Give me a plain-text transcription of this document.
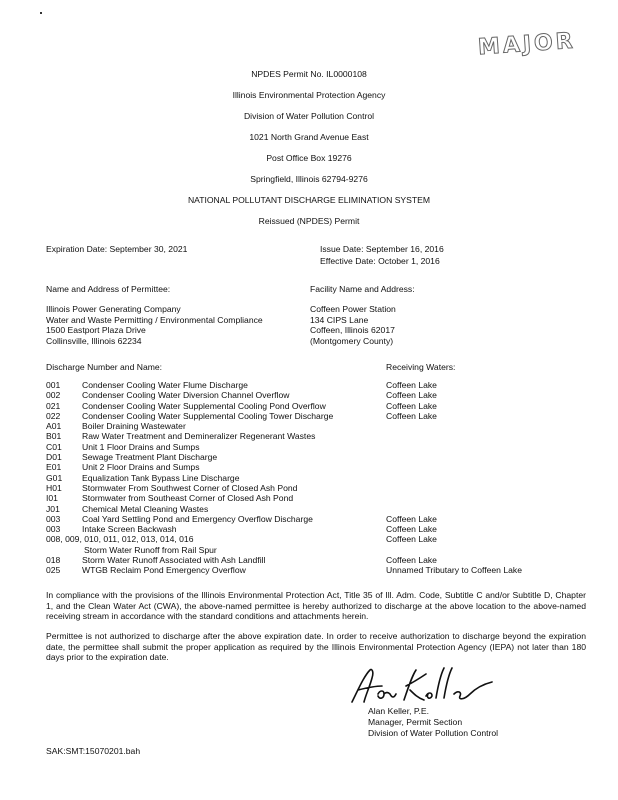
MAJOR
NPDES Permit No. IL0000108
Illinois Environmental Protection Agency
Division of Water Pollution Control
1021 North Grand Avenue East
Post Office Box 19276
Springfield, Illinois 62794-9276
NATIONAL POLLUTANT DISCHARGE ELIMINATION SYSTEM
Reissued (NPDES) Permit
Expiration Date: September 30, 2021	Issue Date: September 16, 2016
Effective Date: October 1, 2016
Name and Address of Permittee:
Illinois Power Generating Company
Water and Waste Permitting / Environmental Compliance
1500 Eastport Plaza Drive
Collinsville, Illinois 62234
Facility Name and Address:
Coffeen Power Station
134 CIPS Lane
Coffeen, Illinois 62017
(Montgomery County)
Discharge Number and Name:	Receiving Waters:
001	Condenser Cooling Water Flume Discharge	Coffeen Lake
002	Condenser Cooling Water Diversion Channel Overflow	Coffeen Lake
021	Condenser Cooling Water Supplemental Cooling Pond Overflow	Coffeen Lake
022	Condenser Cooling Water Supplemental Cooling Tower Discharge	Coffeen Lake
A01 Boiler Draining Wastewater
B01 Raw Water Treatment and Demineralizer Regenerant Wastes
C01 Unit 1 Floor Drains and Sumps
D01 Sewage Treatment Plant Discharge
E01 Unit 2 Floor Drains and Sumps
G01 Equalization Tank Bypass Line Discharge
H01 Stormwater From Southwest Corner of Closed Ash Pond
I01	Stormwater from Southeast Corner of Closed Ash Pond
J01	Chemical Metal Cleaning Wastes
003	Coal Yard Settling Pond and Emergency Overflow Discharge	Coffeen Lake
003	Intake Screen Backwash	Coffeen Lake
008, 009, 010, 011, 012, 013, 014, 016	Coffeen Lake
Storm Water Runoff from Rail Spur
018	Storm Water Runoff Associated with Ash Landfill	Coffeen Lake
025	WTGB Reclaim Pond Emergency Overflow	Unnamed Tributary to Coffeen Lake
In compliance with the provisions of the Illinois Environmental Protection Act, Title 35 of Ill. Adm. Code, Subtitle C and/or Subtitle D, Chapter 1, and the Clean Water Act (CWA), the above-named permittee is hereby authorized to discharge at the above location to the above-named receiving stream in accordance with the standard conditions and attachments herein.
Permittee is not authorized to discharge after the above expiration date. In order to receive authorization to discharge beyond the expiration date, the permittee shall submit the proper application as required by the Illinois Environmental Protection Agency (IEPA) not later than 180 days prior to the expiration date.
Alan Keller, P.E.
Manager, Permit Section
Division of Water Pollution Control
SAK:SMT:15070201.bah
